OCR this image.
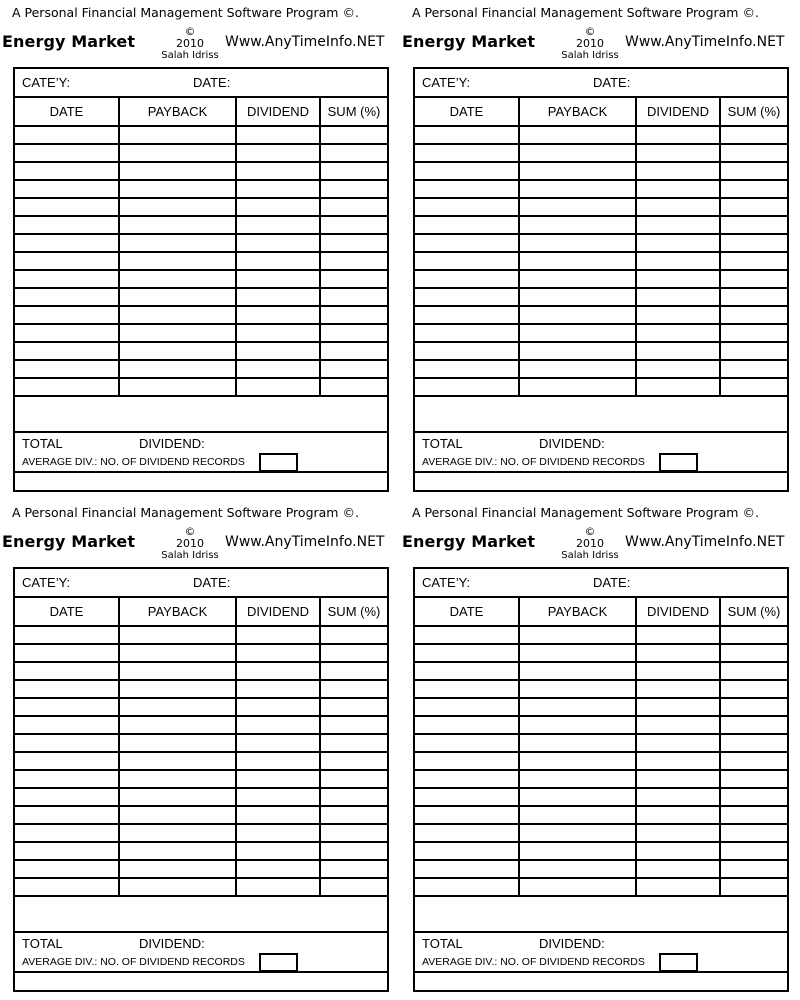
A Personal Financial Management Software Program ©.
Energy Market
©
2010
Salah Idriss
Www.AnyTimeInfo.NET
CATE’Y:	DATE:
DATE	PAYBACK	DIVIDEND	SUM (%)

TOTAL	DIVIDEND:
AVERAGE DIV.: NO. OF DIVIDEND RECORDS
A Personal Financial Management Software Program ©.
Energy Market
©
2010
Salah Idriss
Www.AnyTimeInfo.NET
CATE’Y:	DATE:
DATE	PAYBACK	DIVIDEND	SUM (%)

TOTAL	DIVIDEND:
AVERAGE DIV.: NO. OF DIVIDEND RECORDS
A Personal Financial Management Software Program ©.
Energy Market
©
2010
Salah Idriss
Www.AnyTimeInfo.NET
CATE’Y:	DATE:
DATE	PAYBACK	DIVIDEND	SUM (%)

TOTAL	DIVIDEND:
AVERAGE DIV.: NO. OF DIVIDEND RECORDS
A Personal Financial Management Software Program ©.
Energy Market
©
2010
Salah Idriss
Www.AnyTimeInfo.NET
CATE’Y:	DATE:
DATE	PAYBACK	DIVIDEND	SUM (%)

TOTAL	DIVIDEND:
AVERAGE DIV.: NO. OF DIVIDEND RECORDS
